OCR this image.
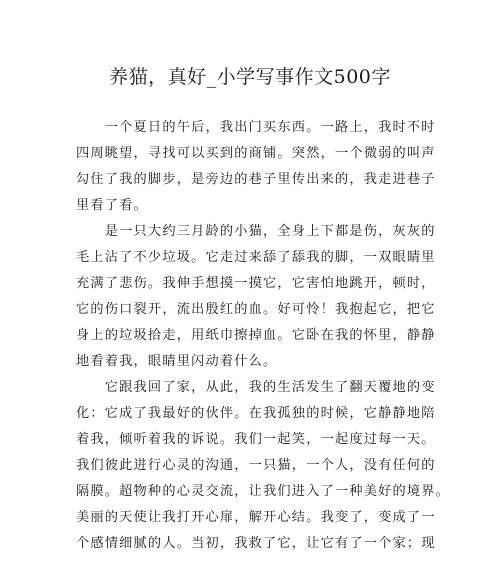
养猫，真好_小学写事作文500字
　　一个夏日的午后，我出门买东西。一路上，我时不时
四周眺望，寻找可以买到的商铺。突然，一个微弱的叫声
勾住了我的脚步，是旁边的巷子里传出来的，我走进巷子
里看了看。
　　是一只大约三月龄的小猫，全身上下都是伤，灰灰的
毛上沾了不少垃圾。它走过来舔了舔我的脚，一双眼睛里
充满了悲伤。我伸手想摸一摸它，它害怕地跳开，顿时，
它的伤口裂开，流出殷红的血。好可怜！我抱起它，把它
身上的垃圾拾走，用纸巾擦掉血。它卧在我的怀里，静静
地看着我，眼睛里闪动着什么。
　　它跟我回了家，从此，我的生活发生了翻天覆地的变
化：它成了我最好的伙伴。在我孤独的时候，它静静地陪
着我，倾听着我的诉说。我们一起笑，一起度过每一天。
我们彼此进行心灵的沟通，一只猫，一个人，没有任何的
隔膜。超物种的心灵交流，让我们进入了一种美好的境界。
美丽的天使让我打开心扉，解开心结。我变了，变成了一
个感情细腻的人。当初，我救了它，让它有了一个家；现
